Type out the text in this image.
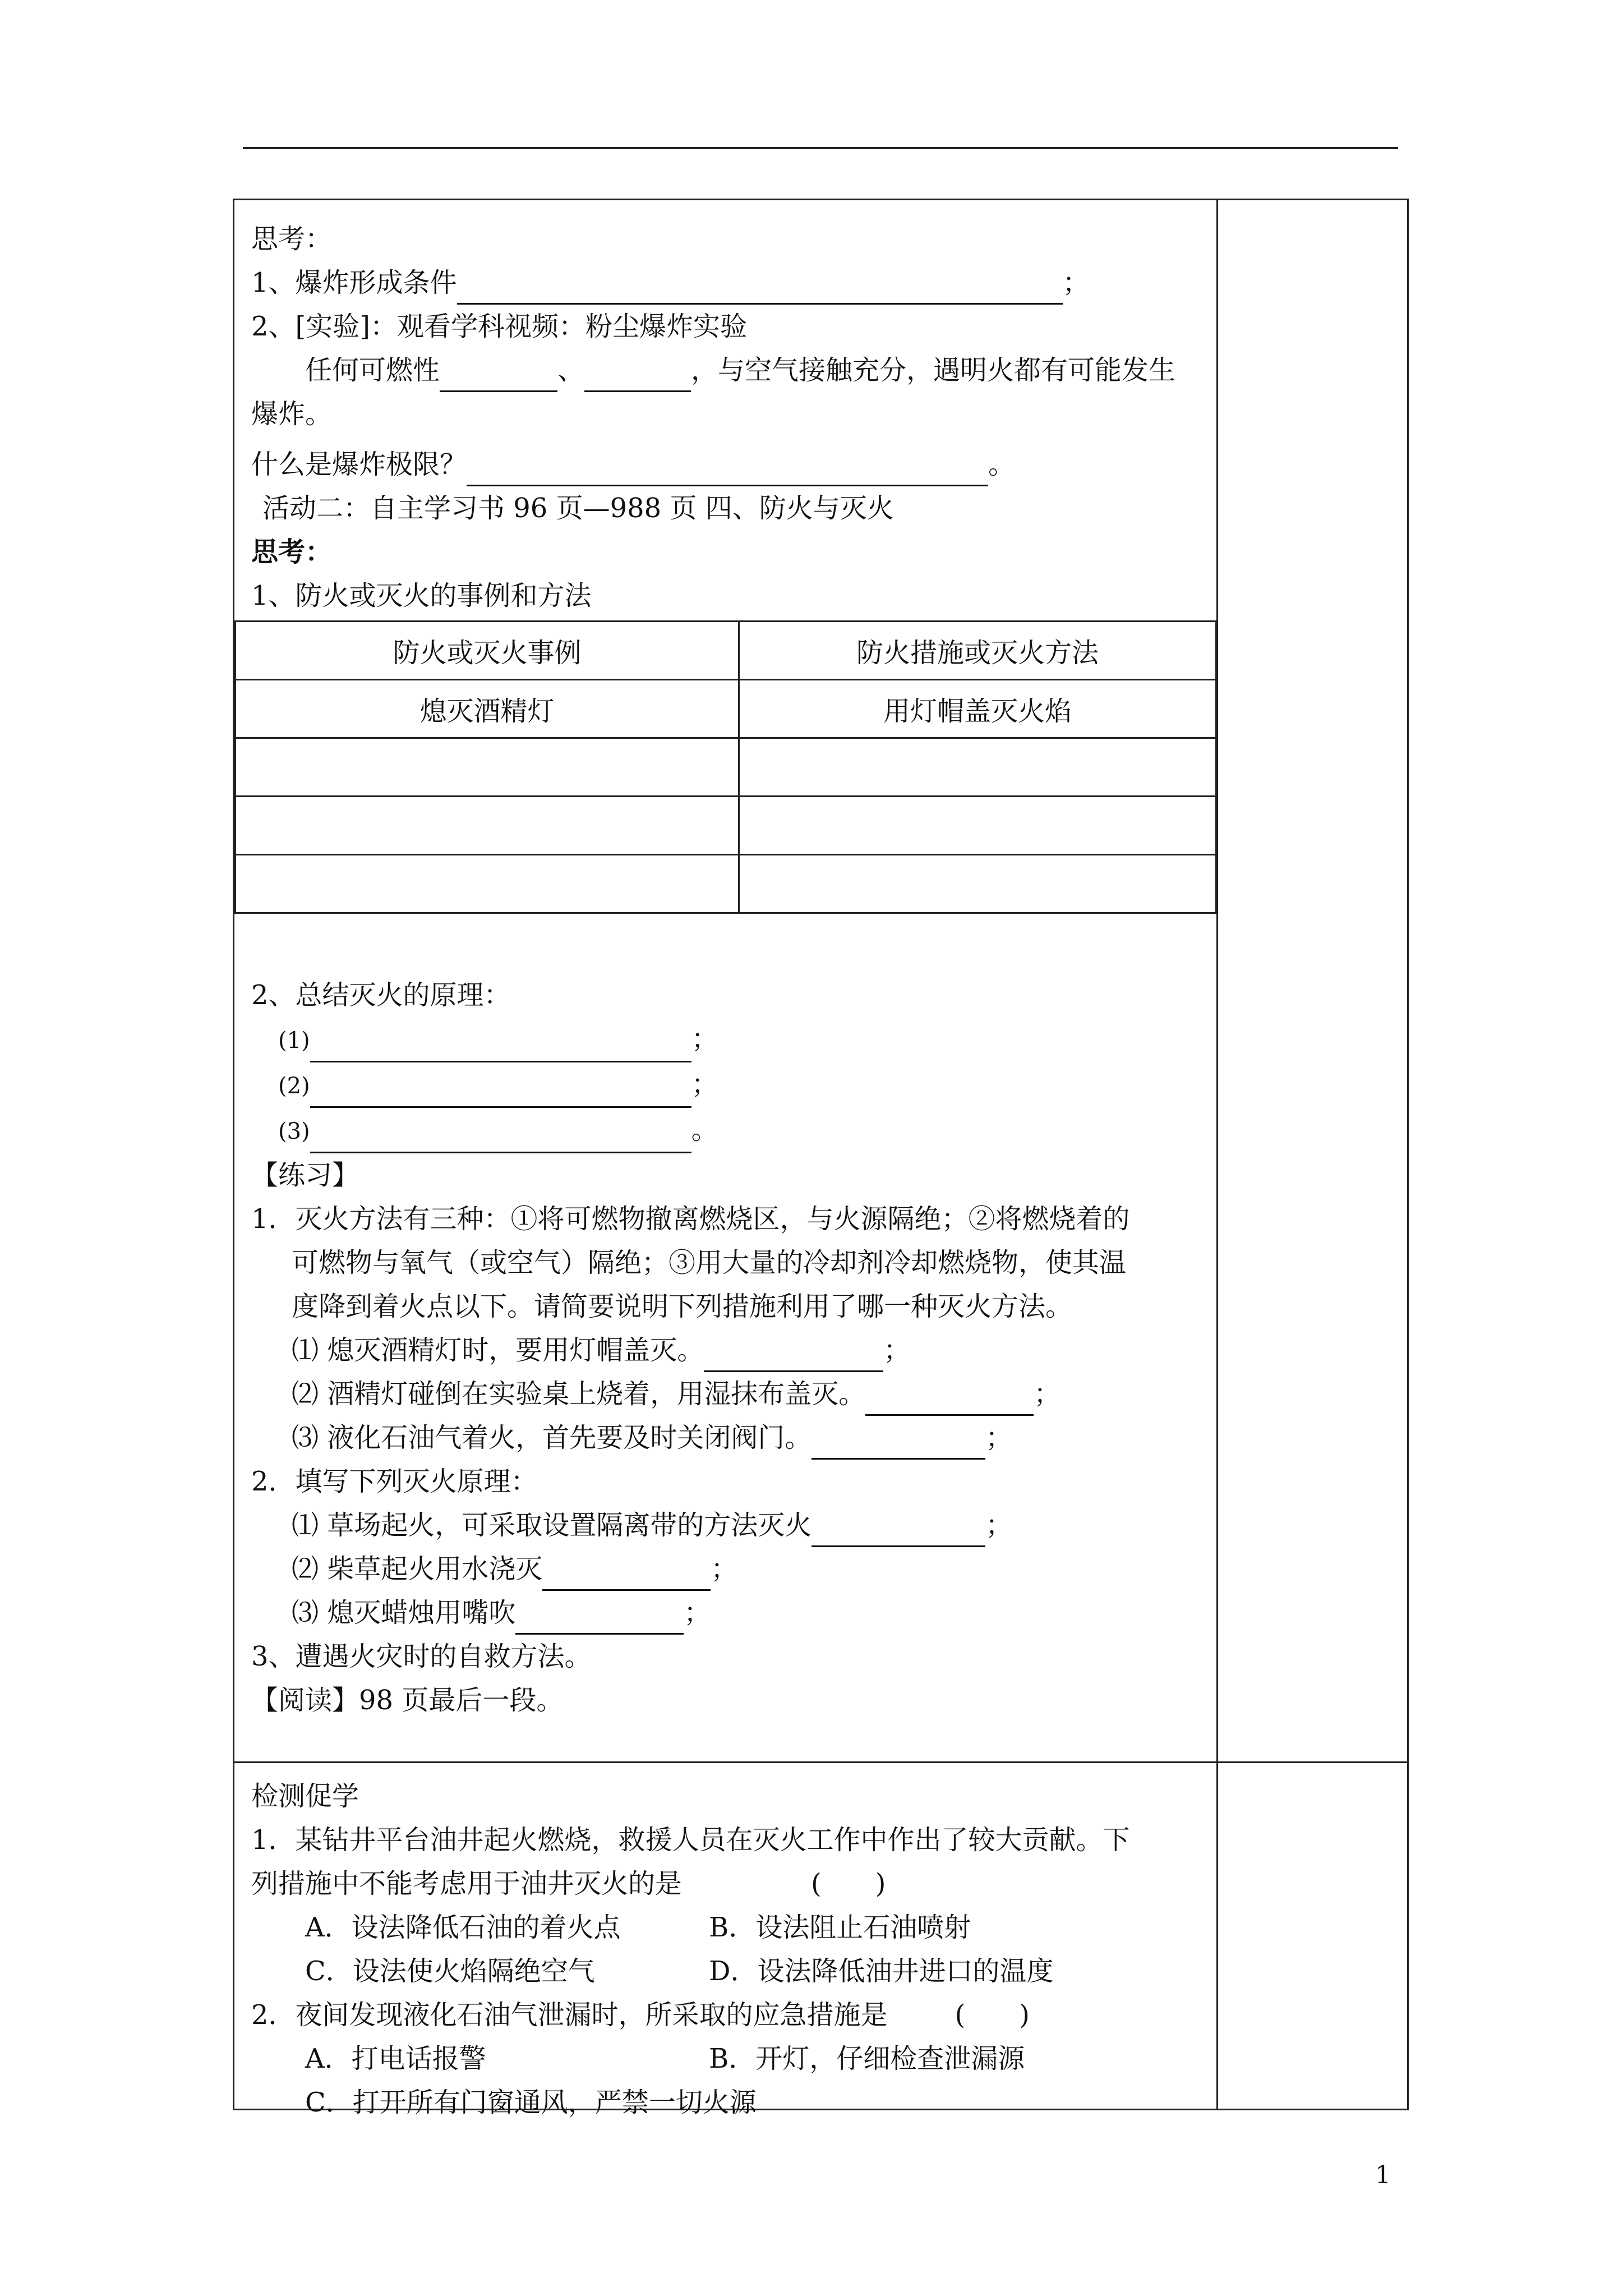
思考：
1、爆炸形成条件	；
2、[实验]：观看学科视频：粉尘爆炸实验
任何可燃性	、	，与空气接触充分，遇明火都有可能发生
爆炸。
什么是爆炸极限？	。
活动二：自主学习书 96 页—988 页 四、防火与灭火
思考：
1、防火或灭火的事例和方法
防火或灭火事例	防火措施或灭火方法
熄灭酒精灯	用灯帽盖灭火焰

2、总结灭火的原理：
(1)	；
(2)	；
(3)	。
【练习】
1．灭火方法有三种：①将可燃物撤离燃烧区，与火源隔绝；②将燃烧着的
可燃物与氧气（或空气）隔绝；③用大量的冷却剂冷却燃烧物，使其温
度降到着火点以下。请简要说明下列措施利用了哪一种灭火方法。
⑴ 熄灭酒精灯时，要用灯帽盖灭。	；
⑵ 酒精灯碰倒在实验桌上烧着，用湿抹布盖灭。	；
⑶ 液化石油气着火，首先要及时关闭阀门。	；
2．填写下列灭火原理：
⑴ 草场起火，可采取设置隔离带的方法灭火	；
⑵ 柴草起火用水浇灭	；
⑶ 熄灭蜡烛用嘴吹	；
3、遭遇火灾时的自救方法。
【阅读】98 页最后一段。
检测促学
1．某钻井平台油井起火燃烧，救援人员在灭火工作中作出了较大贡献。下
列措施中不能考虑用于油井灭火的是	(　　)
A．设法降低石油的着火点	B．设法阻止石油喷射
C．设法使火焰隔绝空气	D．设法降低油井进口的温度
2．夜间发现液化石油气泄漏时，所采取的应急措施是	(　　)
A．打电话报警	B．开灯，仔细检查泄漏源
C．打开所有门窗通风，严禁一切火源
1
